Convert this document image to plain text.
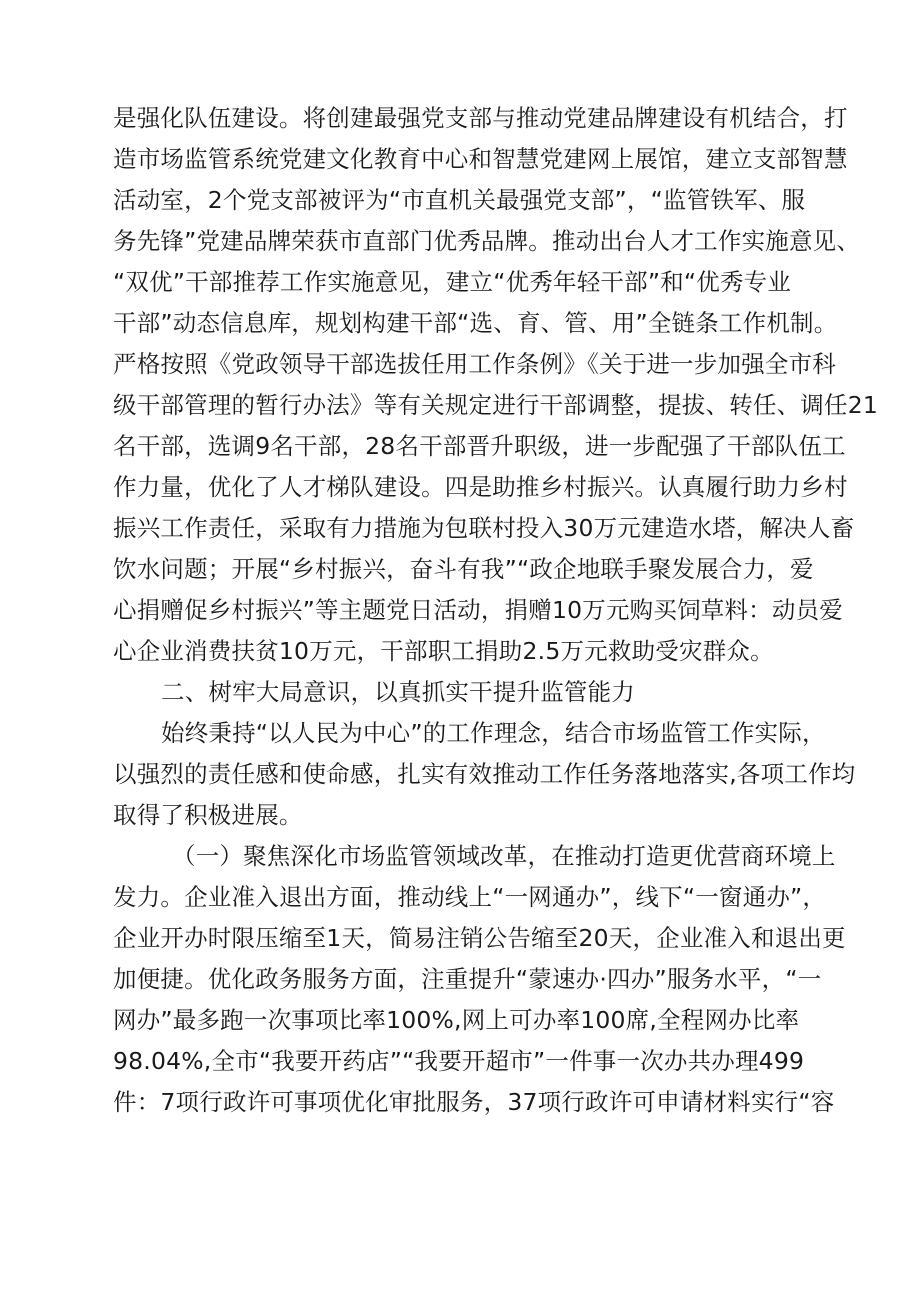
是强化队伍建设。将创建最强党支部与推动党建品牌建设有机结合，打
造市场监管系统党建文化教育中心和智慧党建网上展馆，建立支部智慧
活动室，2个党支部被评为“市直机关最强党支部”，“监管铁军、服
务先锋”党建品牌荣获市直部门优秀品牌。推动出台人才工作实施意见、
“双优”干部推荐工作实施意见，建立“优秀年轻干部”和“优秀专业
干部”动态信息库，规划构建干部“选、育、管、用”全链条工作机制。
严格按照《党政领导干部选拔任用工作条例》《关于进一步加强全市科
级干部管理的暂行办法》等有关规定进行干部调整，提拔、转任、调任21
名干部，选调9名干部，28名干部晋升职级，进一步配强了干部队伍工
作力量，优化了人才梯队建设。四是助推乡村振兴。认真履行助力乡村
振兴工作责任，采取有力措施为包联村投入30万元建造水塔，解决人畜
饮水问题；开展“乡村振兴，奋斗有我”“政企地联手聚发展合力，爱
心捐赠促乡村振兴”等主题党日活动，捐赠10万元购买饲草料：动员爱
心企业消费扶贫10万元，干部职工捐助2.5万元救助受灾群众。
二、树牢大局意识，以真抓实干提升监管能力
始终秉持“以人民为中心”的工作理念，结合市场监管工作实际，
以强烈的责任感和使命感，扎实有效推动工作任务落地落实,各项工作均
取得了积极进展。
（一）聚焦深化市场监管领域改革，在推动打造更优营商环境上
发力。企业准入退出方面，推动线上“一网通办”，线下“一窗通办”，
企业开办时限压缩至1天，简易注销公告缩至20天，企业准入和退出更
加便捷。优化政务服务方面，注重提升“蒙速办·四办”服务水平，“一
网办”最多跑一次事项比率100%,网上可办率100席,全程网办比率
98.04%,全市“我要开药店”“我要开超市”一件事一次办共办理499
件：7项行政许可事项优化审批服务，37项行政许可申请材料实行“容
